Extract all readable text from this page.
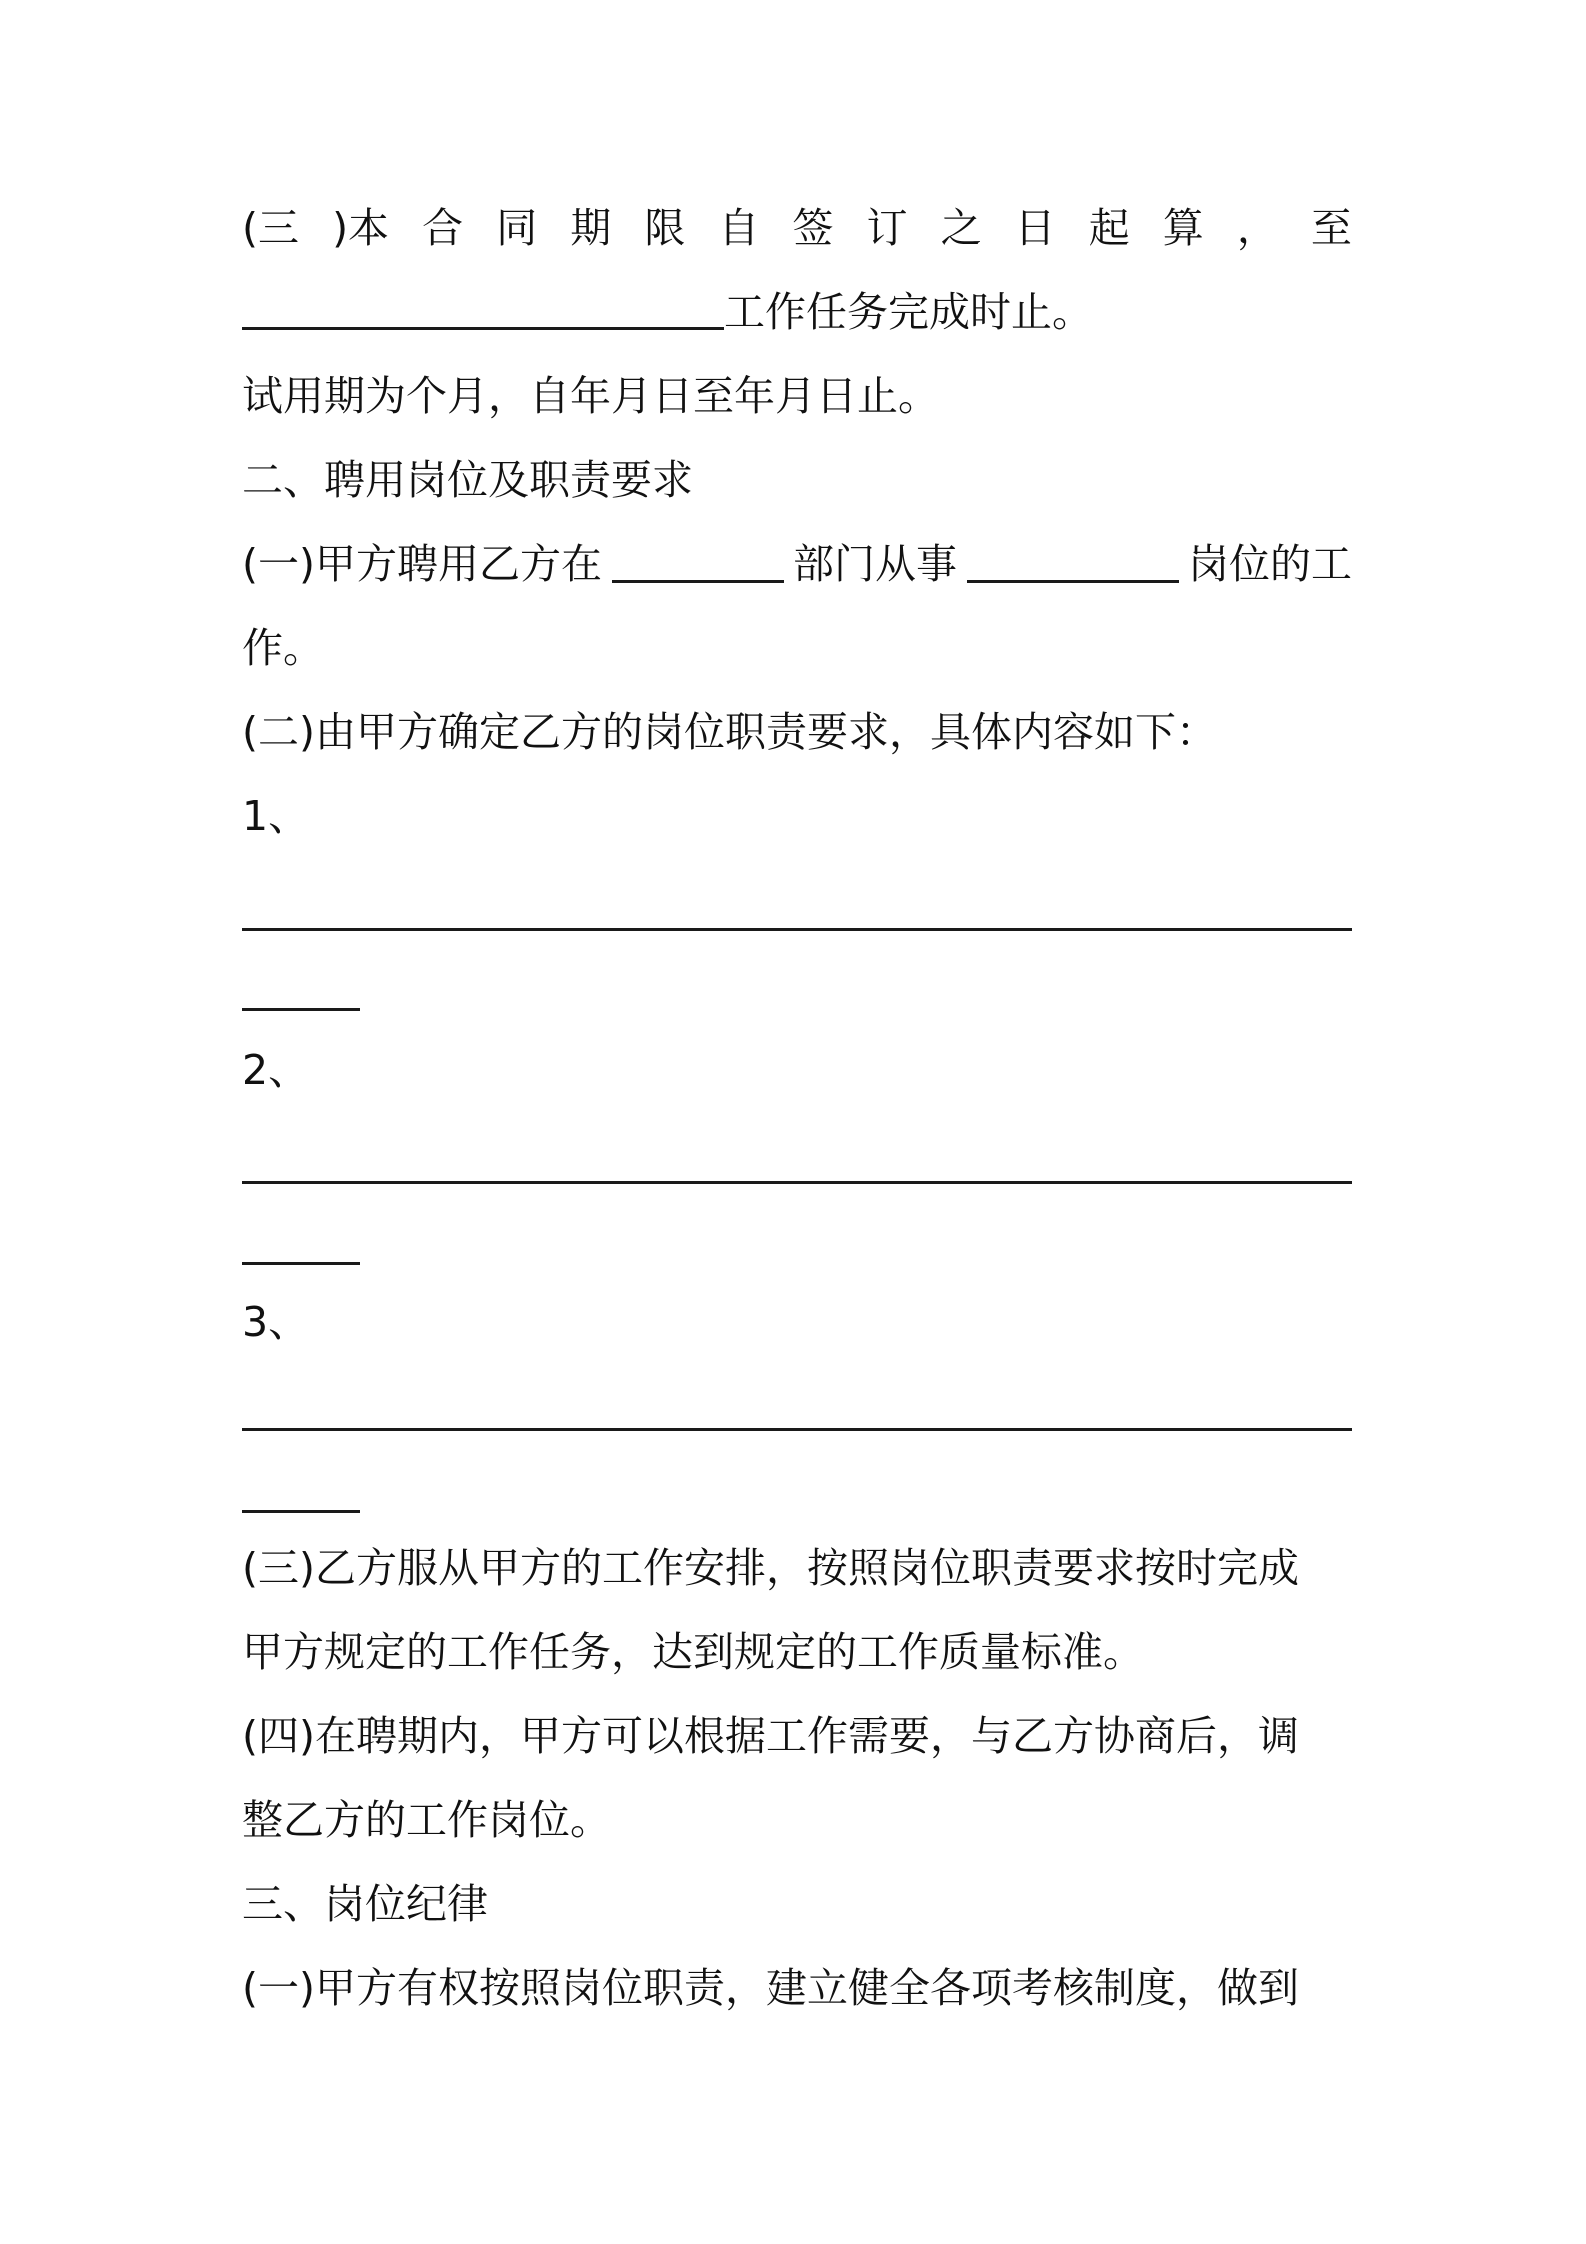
(三 )本 合 同 期 限 自 签 订 之 日 起 算 ， 至
工作任务完成时止。
试用期为个月，自年月日至年月日止。
二、聘用岗位及职责要求
(一)甲方聘用乙方在	部门从事	岗位的工
作。
(二)由甲方确定乙方的岗位职责要求，具体内容如下：
1、
2、
3、
(三)乙方服从甲方的工作安排，按照岗位职责要求按时完成
甲方规定的工作任务，达到规定的工作质量标准。
(四)在聘期内，甲方可以根据工作需要，与乙方协商后，调
整乙方的工作岗位。
三、岗位纪律
(一)甲方有权按照岗位职责，建立健全各项考核制度，做到
